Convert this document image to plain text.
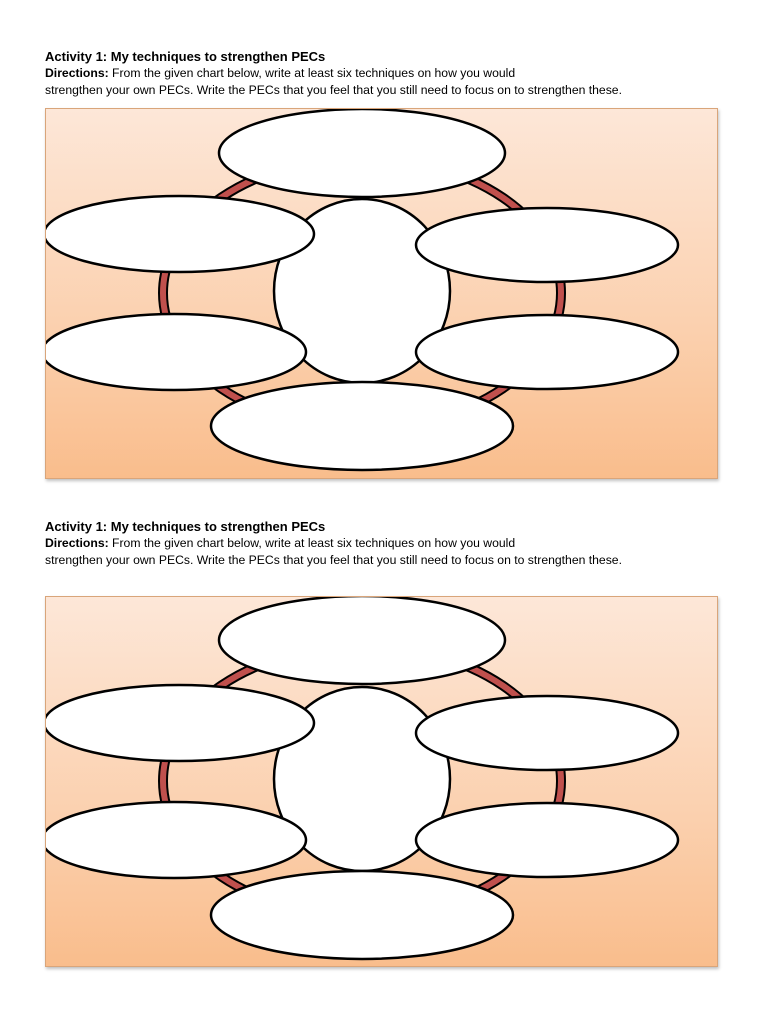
Activity 1: My techniques to strengthen PECs

Directions: From the given chart below, write at least six techniques on how you would
strengthen your own PECs. Write the PECs that you feel that you still need to focus on to strengthen these.

Activity 1: My techniques to strengthen PECs

Directions: From the given chart below, write at least six techniques on how you would
strengthen your own PECs. Write the PECs that you feel that you still need to focus on to strengthen these.
